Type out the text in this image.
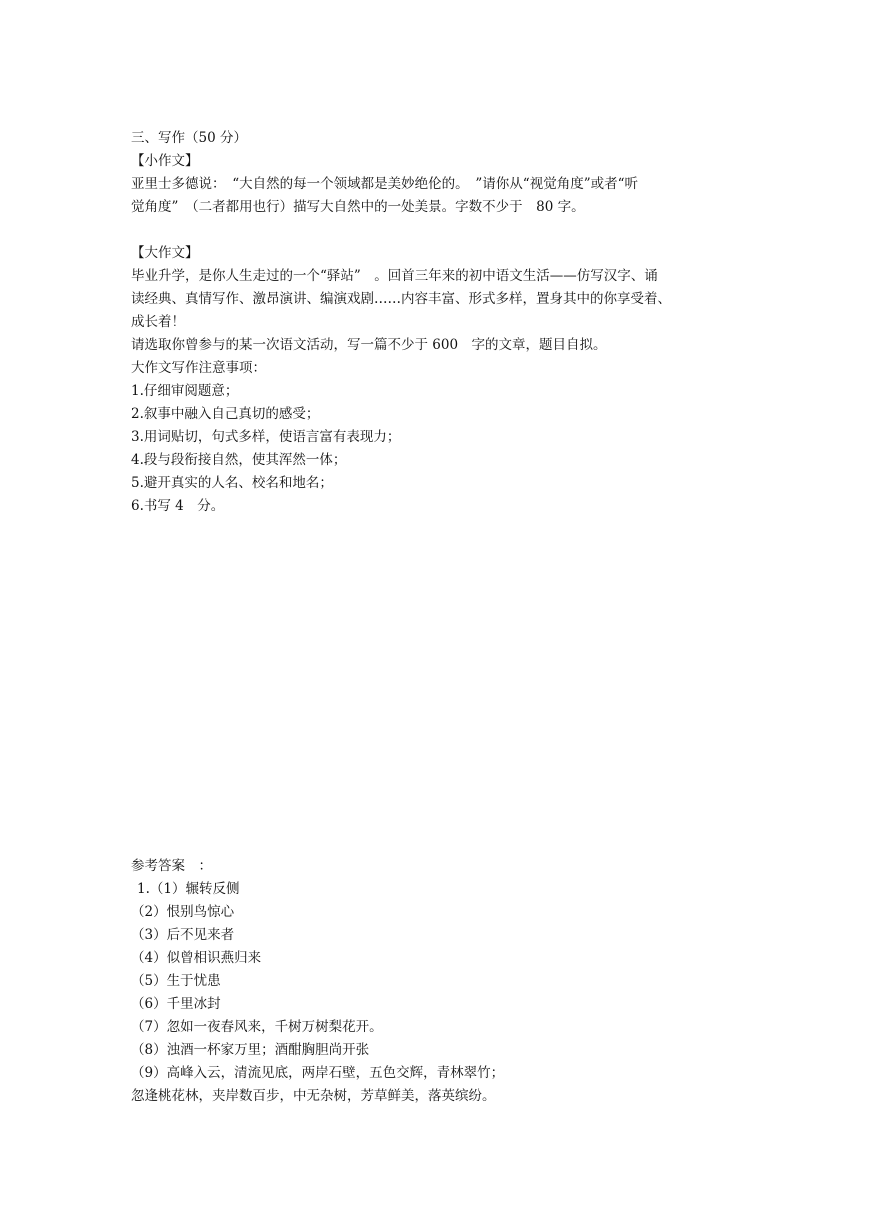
三、写作（50 分）
【小作文】
亚里士多德说：　“大自然的每一个领域都是美妙绝伦的。　”请你从“视觉角度”或者“听
觉角度”　（二者都用也行）描写大自然中的一处美景。字数不少于　80 字。
【大作文】
毕业升学，是你人生走过的一个“驿站”　。回首三年来的初中语文生活——仿写汉字、诵
读经典、真情写作、激昂演讲、编演戏剧……内容丰富、形式多样，置身其中的你享受着、
成长着！
请选取你曾参与的某一次语文活动，写一篇不少于 600　字的文章，题目自拟。
大作文写作注意事项：
1.仔细审阅题意；
2.叙事中融入自己真切的感受；
3.用词贴切，句式多样，使语言富有表现力；
4.段与段衔接自然，使其浑然一体；
5.避开真实的人名、校名和地名；
6.书写 4　分。
参考答案　：
1.（1）辗转反侧
（2）恨别鸟惊心
（3）后不见来者
（4）似曾相识燕归来
（5）生于忧患
（6）千里冰封
（7）忽如一夜春风来，千树万树梨花开。
（8）浊酒一杯家万里；酒酣胸胆尚开张
（9）高峰入云，清流见底，两岸石壁，五色交辉，青林翠竹；
忽逢桃花林，夹岸数百步，中无杂树，芳草鲜美，落英缤纷。
